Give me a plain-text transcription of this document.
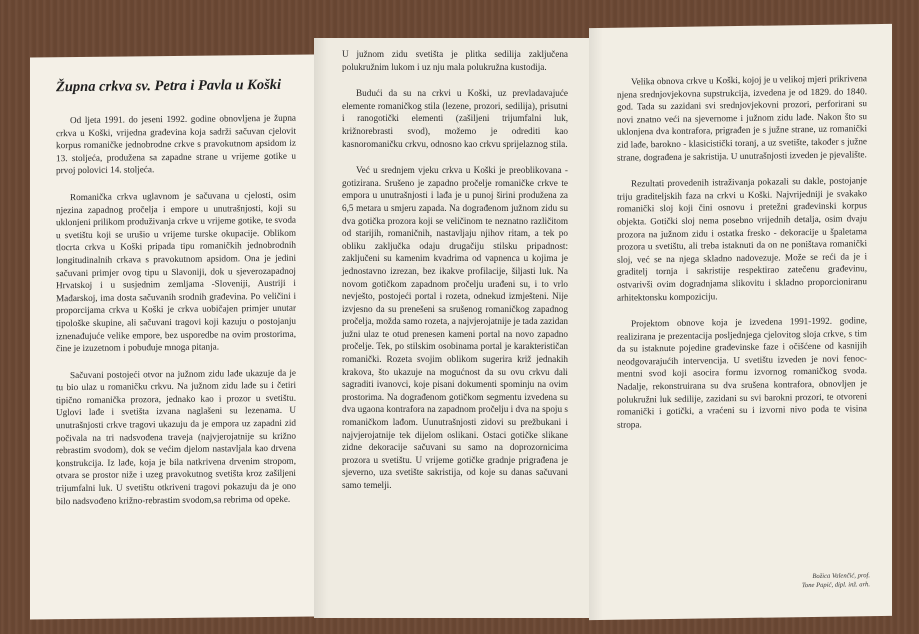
Župna crkva sv. Petra i Pavla u Koški

Od ljeta 1991. do jeseni 1992. godine obnovljena je župna crkva u Koški, vrijedna građevina koja sadrži sačuvan cjelovit korpus romaničke jednobrodne crkve s pravokutnom apsidom iz 13. stoljeća, produžena sa zapadne strane u vrijeme gotike u prvoj polovici 14. stoljeća.

Romanička crkva uglavnom je sačuvana u cjelosti, osim njezina zapadnog pročelja i empore u unutrašnjosti, koji su uklonjeni prilikom produživanja crkve u vrijeme gotike, te svoda u svetištu koji se urušio u vrijeme turske okupacije. Oblikom tlocrta crkva u Koški pripada tipu romaničkih jednobrodnih longitudinalnih crkava s pravokutnom apsidom. Ona je jedini sačuvani primjer ovog tipu u Slavoniji, dok u sjeverozapadnoj Hrvatskoj i u susjednim zemljama -Sloveniji, Austriji i Mađarskoj, ima dosta sačuvanih srodnih građevina. Po veličini i proporcijama crkva u Koški je crkva uobičajen primjer unutar tipološke skupine, ali sačuvani tragovi koji kazuju o postojanju iznenađujuće velike empore, bez usporedbe na ovim prostorima, čine je izuzetnom i pobuđuje mnoga pitanja.

Sačuvani postojeći otvor na južnom zidu lađe ukazuje da je tu bio ulaz u romaničku crkvu. Na južnom zidu lađe su i četiri tipično romanička prozora, jednako kao i prozor u svetištu. Uglovi lađe i svetišta izvana naglašeni su lezenama. U unutrašnjosti crkve tragovi ukazuju da je empora uz zapadni zid počivala na tri nadsvođena traveja (najvjerojatnije su križno rebrastim svodom), dok se većim djelom nastavljala kao drvena konstrukcija. Iz lađe, koja je bila natkrivena drvenim stropom, otvara se prostor niže i uzeg pravokutnog svetišta kroz zašiljeni trijumfalni luk. U svetištu otkriveni tragovi pokazuju da je ono bilo nadsvođeno križno-rebrastim svodom,sa rebrima od opeke.

U južnom zidu svetišta je plitka sedilija zaključena polukružnim lukom i uz nju mala polukružna kustodija.

Budući da su na crkvi u Koški, uz prevladavajuće elemente romaničkog stila (lezene, prozori, sedilija), prisutni i ranogotički elementi (zašiljeni trijumfalni luk, križnorebrasti svod), možemo je odrediti kao kasnoromaničku crkvu, odnosno kao crkvu sprijelaznog stila.

Već u srednjem vjeku crkva u Koški je preoblikovana - gotizirana. Srušeno je zapadno pročelje romaničke crkve te empora u unutrašnjosti i lađa je u punoj širini produžena za 6,5 metara u smjeru zapada. Na dograđenom južnom zidu su dva gotička prozora koji se veličinom te neznatno različitom od starijih, romaničnih, nastavljaju njihov ritam, a tek po obliku zaključka odaju drugačiju stilsku pripadnost: zaključeni su kamenim kvadrima od vapnenca u kojima je jednostavno izrezan, bez ikakve profilacije, šiljasti luk. Na novom gotičkom zapadnom pročelju urađeni su, i to vrlo nevješto, postojeći portal i rozeta, odnekud izmješteni. Nije izvjesno da su prenešeni sa srušenog romaničkog zapadnog pročelja, možda samo rozeta, a najvjerojatnije je tada zazidan južni ulaz te otud prenesen kameni portal na novo zapadno pročelje. Tek, po stilskim osobinama portal je karakterističan romanički. Rozeta svojim oblikom sugerira križ jednakih krakova, što ukazuje na mogućnost da su ovu crkvu dali sagraditi ivanovci, koje pisani dokumenti spominju na ovim prostorima. Na dograđenom gotičkom segmentu izvedena su dva ugaona kontrafora na zapadnom pročelju i dva na spoju s romaničkom lađom. Uunutrašnjosti zidovi su prežbukani i najvjerojatnije tek dijelom oslikani. Ostaci gotičke slikane zidne dekoracije sačuvani su samo na doprozornicima prozora u svetištu. U vrijeme gotičke gradnje prigrađena je sjeverno, uza svetište sakristija, od koje su danas sačuvani samo temelji.

Velika obnova crkve u Koški, kojoj je u velikoj mjeri prikrivena njena srednjovjekovna supstrukcija, izvedena je od 1829. do 1840. god. Tada su zazidani svi srednjovjekovni prozori, perforirani su novi znatno veći na sjevernome i južnom zidu lađe. Nakon što su uklonjena dva kontrafora, prigrađen je s južne strane, uz romanički zid lađe, barokno - klasicistički toranj, a uz svetište, također s južne strane, dograđena je sakristija. U unutrašnjosti izveden je pjevalište.

Rezultati provedenih istraživanja pokazali su dakle, postojanje triju graditeljskih faza na crkvi u Koški. Najvrijedniji je svakako romanički sloj koji čini osnovu i pretežni građevinski korpus objekta. Gotički sloj nema posebno vrijednih detalja, osim dvaju prozora na južnom zidu i ostatka fresko - dekoracije u špaletama prozora u svetištu, ali treba istaknuti da on ne poništava romanički sloj, već se na njega skladno nadovezuje. Može se reći da je i graditelj tornja i sakristije respektirao zatečenu građevinu, ostvarivši ovim dogradnjama slikovitu i skladno proporcioniranu arhitektonsku kompoziciju.

Projektom obnove koja je izvedena 1991-1992. godine, realizirana je prezentacija posljednjega cjelovitog sloja crkve, s tim da su istaknute pojedine građevinske faze i očišćene od kasnijih neodgovarajućih intervencija. U svetištu izveden je novi fenoc-mentni svod koji asocira formu izvornog romaničkog svoda. Nadalje, rekonstruirana su dva srušena kontrafora, obnovljen je polukružni luk sedilije, zazidani su svi barokni prozori, te otvoreni romanički i gotički, a vraćeni su i izvorni nivo poda te visina stropa.

Božica Valenčić, prof.
Tone Papić, dipl. inž. arh.
